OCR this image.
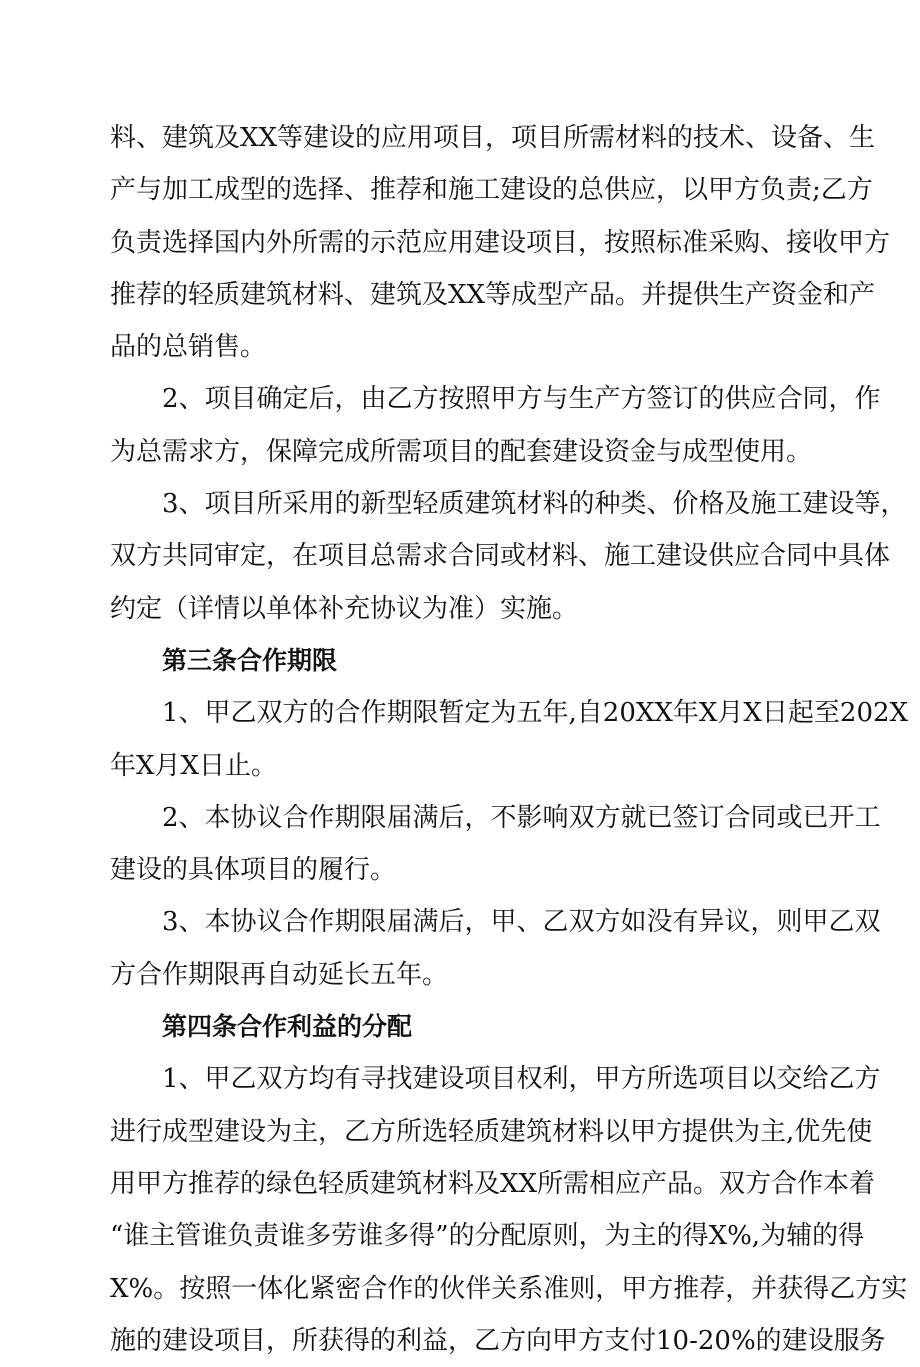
料、建筑及XX等建设的应用项目，项目所需材料的技术、设备、生

产与加工成型的选择、推荐和施工建设的总供应，以甲方负责;乙方

负责选择国内外所需的示范应用建设项目，按照标准采购、接收甲方

推荐的轻质建筑材料、建筑及XX等成型产品。并提供生产资金和产

品的总销售。

2、项目确定后，由乙方按照甲方与生产方签订的供应合同，作

为总需求方，保障完成所需项目的配套建设资金与成型使用。

3、项目所采用的新型轻质建筑材料的种类、价格及施工建设等，

双方共同审定，在项目总需求合同或材料、施工建设供应合同中具体

约定（详情以单体补充协议为准）实施。

第三条合作期限

1、甲乙双方的合作期限暂定为五年,自20XX年X月X日起至202X

年X月X日止。

2、本协议合作期限届满后，不影响双方就已签订合同或已开工

建设的具体项目的履行。

3、本协议合作期限届满后，甲、乙双方如没有异议，则甲乙双

方合作期限再自动延长五年。

第四条合作利益的分配

1、甲乙双方均有寻找建设项目权利，甲方所选项目以交给乙方

进行成型建设为主，乙方所选轻质建筑材料以甲方提供为主,优先使

用甲方推荐的绿色轻质建筑材料及XX所需相应产品。双方合作本着

“谁主管谁负责谁多劳谁多得”的分配原则，为主的得X%,为辅的得

X%。按照一体化紧密合作的伙伴关系准则，甲方推荐，并获得乙方实

施的建设项目，所获得的利益，乙方向甲方支付10-20%的建设服务
